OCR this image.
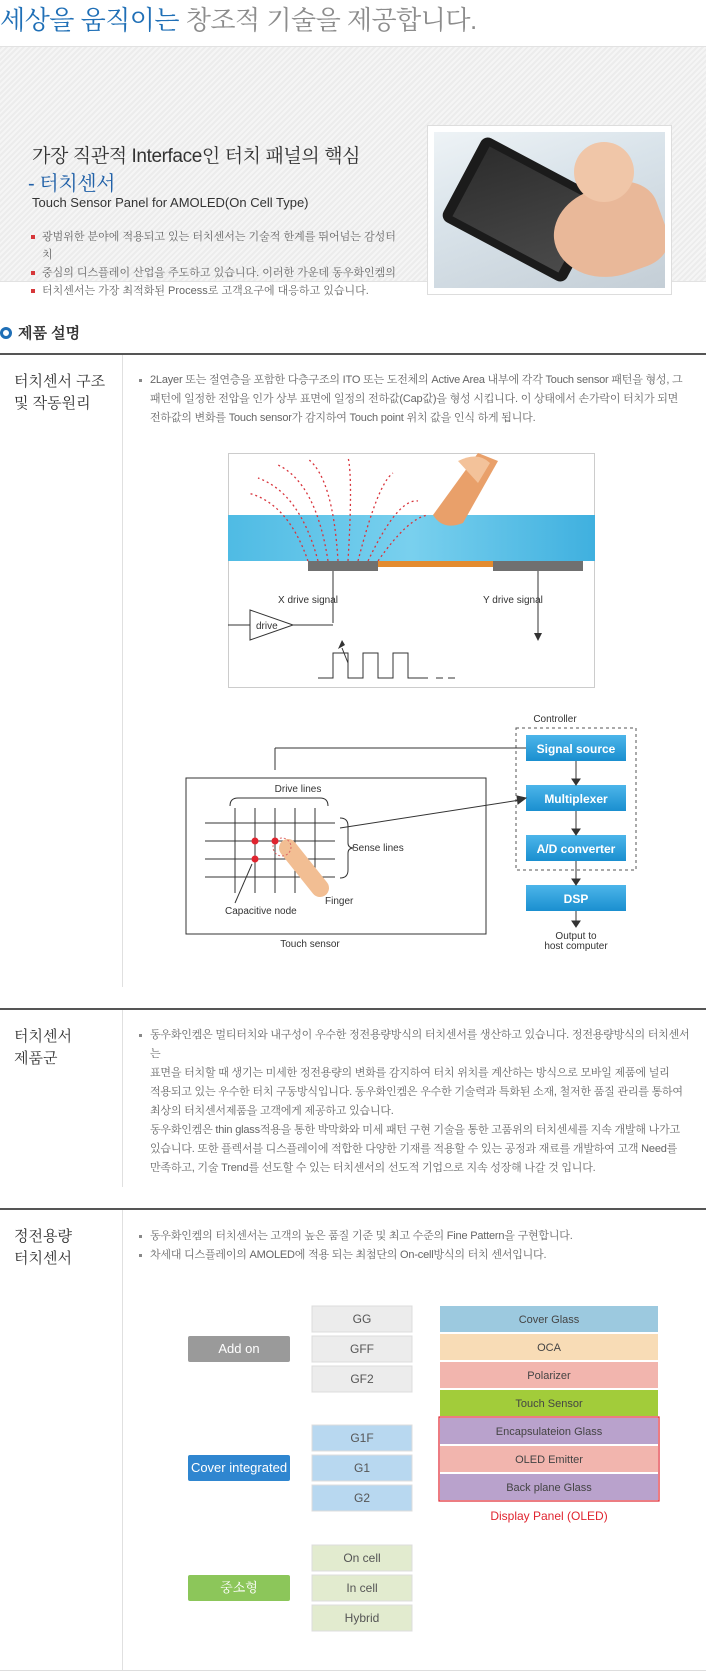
세상을 움직이는 창조적 기술을 제공합니다.
가장 직관적 Interface인 터치 패널의 핵심
- 터치센서
Touch Sensor Panel for AMOLED(On Cell Type)
광범위한 분야에 적용되고 있는 터치센서는 기술적 한계를 뛰어넘는 감성터치
중심의 디스플레이 산업을 주도하고 있습니다. 이러한 가운데 동우화인켐의
터치센서는 가장 최적화된 Process로 고객요구에 대응하고 있습니다.
제품 설명
터치센서 구조
및 작동원리
2Layer 또는 절연층을 포함한 다층구조의 ITO 또는 도전체의 Active Area 내부에 각각 Touch sensor 패턴을 형성, 그
패턴에 일정한 전압을 인가 상부 표면에 일정의 전하값(Cap값)을 형성 시킵니다. 이 상태에서 손가락이 터치가 되면
전하값의 변화를 Touch sensor가 감지하여 Touch point 위치 값을 인식 하게 됩니다.
X drive signal	Y drive signal
drive
Controller
Signal source
Multiplexer
A/D converter
DSP
Output to
host computer
Touch sensor
Drive lines
Sense lines
Finger
Capacitive node
터치센서
제품군
동우화인켐은 멀티터치와 내구성이 우수한 정전용량방식의 터치센서를 생산하고 있습니다. 정전용량방식의 터치센서는
표면을 터치할 때 생기는 미세한 정전용량의 변화를 감지하여 터치 위치를 계산하는 방식으로 모바일 제품에 널리
적용되고 있는 우수한 터치 구동방식입니다. 동우화인켐은 우수한 기술력과 특화된 소재, 철저한 품질 관리를 통하여
최상의 터치센서제품을 고객에게 제공하고 있습니다.
동우화인켐은 thin glass적용을 통한 박막화와 미세 패턴 구현 기술을 통한 고품위의 터치센세를 지속 개발해 나가고
있습니다. 또한 플렉서블 디스플레이에 적합한 다양한 기재를 적용할 수 있는 공정과 재료를 개발하여 고객 Need를
만족하고, 기술 Trend를 선도할 수 있는 터치센서의 선도적 기업으로 지속 성장해 나갈 것 입니다.
정전용량
터치센서
동우화인켐의 터치센서는 고객의 높은 품질 기준 및 최고 수준의 Fine Pattern을 구현합니다.
차세대 디스플레이의 AMOLED에 적용 되는 최첨단의 On-cell방식의 터치 센서입니다.
Add on
GG
GFF
GF2
Cover integrated
G1F
G1
G2
중소형
On cell
In cell
Hybrid
Cover Glass
OCA
Polarizer
Touch Sensor
Encapsulateion Glass
OLED Emitter
Back plane Glass
Display Panel (OLED)
